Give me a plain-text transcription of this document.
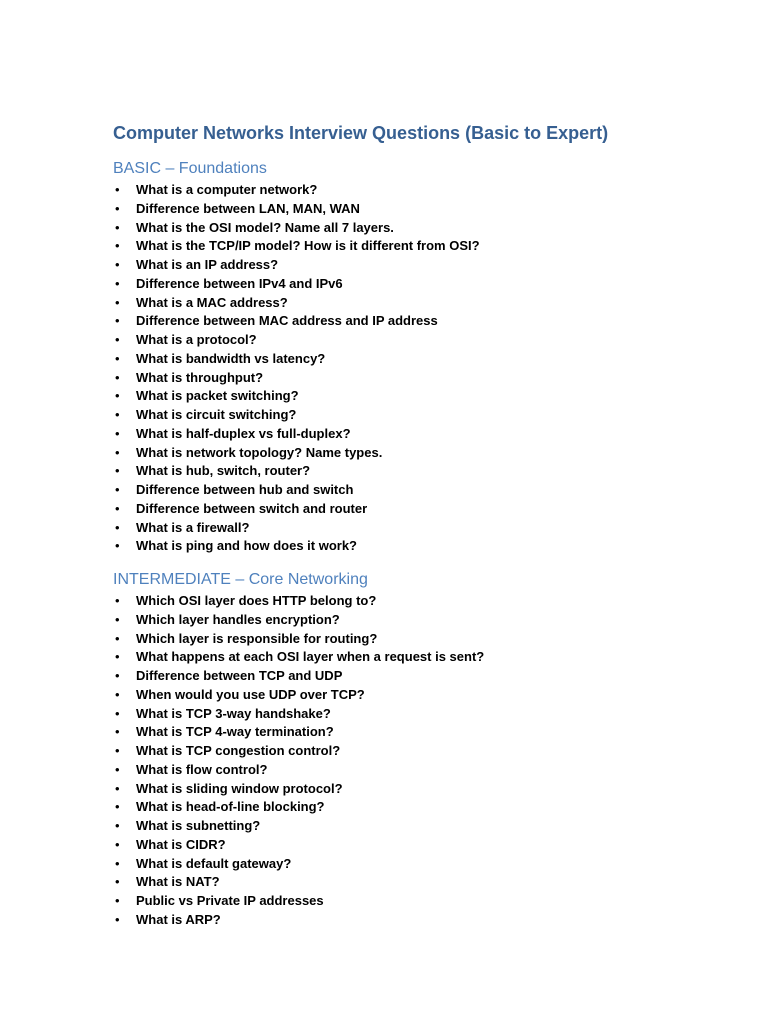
Computer Networks Interview Questions (Basic to Expert)
BASIC – Foundations
• What is a computer network?
• Difference between LAN, MAN, WAN
• What is the OSI model? Name all 7 layers.
• What is the TCP/IP model? How is it different from OSI?
• What is an IP address?
• Difference between IPv4 and IPv6
• What is a MAC address?
• Difference between MAC address and IP address
• What is a protocol?
• What is bandwidth vs latency?
• What is throughput?
• What is packet switching?
• What is circuit switching?
• What is half-duplex vs full-duplex?
• What is network topology? Name types.
• What is hub, switch, router?
• Difference between hub and switch
• Difference between switch and router
• What is a firewall?
• What is ping and how does it work?
INTERMEDIATE – Core Networking
• Which OSI layer does HTTP belong to?
• Which layer handles encryption?
• Which layer is responsible for routing?
• What happens at each OSI layer when a request is sent?
• Difference between TCP and UDP
• When would you use UDP over TCP?
• What is TCP 3-way handshake?
• What is TCP 4-way termination?
• What is TCP congestion control?
• What is flow control?
• What is sliding window protocol?
• What is head-of-line blocking?
• What is subnetting?
• What is CIDR?
• What is default gateway?
• What is NAT?
• Public vs Private IP addresses
• What is ARP?
